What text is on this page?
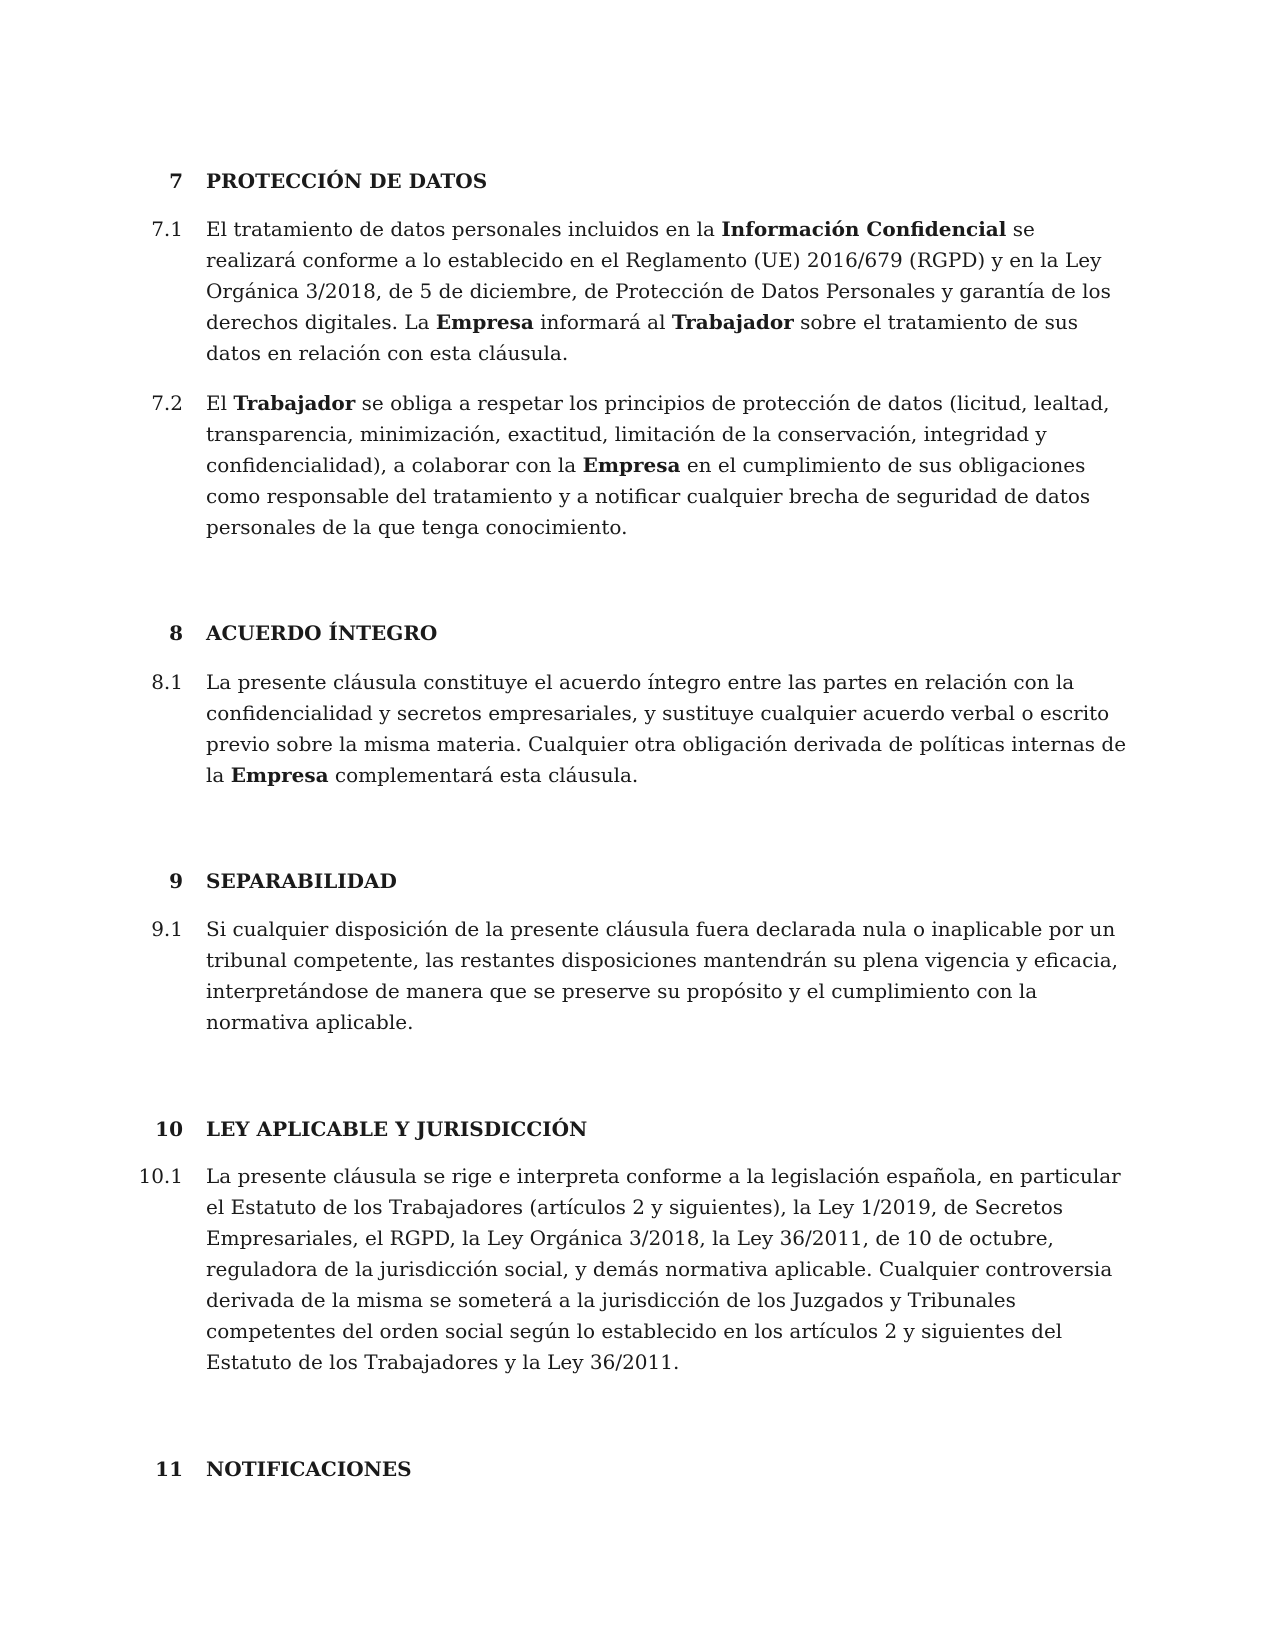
7 PROTECCIÓN DE DATOS
7.1 El tratamiento de datos personales incluidos en la Información Confidencial se realizará conforme a lo establecido en el Reglamento (UE) 2016/679 (RGPD) y en la Ley Orgánica 3/2018, de 5 de diciembre, de Protección de Datos Personales y garantía de los derechos digitales. La Empresa informará al Trabajador sobre el tratamiento de sus datos en relación con esta cláusula.
7.2 El Trabajador se obliga a respetar los principios de protección de datos (licitud, lealtad, transparencia, minimización, exactitud, limitación de la conservación, integridad y confidencialidad), a colaborar con la Empresa en el cumplimiento de sus obligaciones como responsable del tratamiento y a notificar cualquier brecha de seguridad de datos personales de la que tenga conocimiento.
8 ACUERDO ÍNTEGRO
8.1 La presente cláusula constituye el acuerdo íntegro entre las partes en relación con la confidencialidad y secretos empresariales, y sustituye cualquier acuerdo verbal o escrito previo sobre la misma materia. Cualquier otra obligación derivada de políticas internas de la Empresa complementará esta cláusula.
9 SEPARABILIDAD
9.1 Si cualquier disposición de la presente cláusula fuera declarada nula o inaplicable por un tribunal competente, las restantes disposiciones mantendrán su plena vigencia y eficacia, interpretándose de manera que se preserve su propósito y el cumplimiento con la normativa aplicable.
10 LEY APLICABLE Y JURISDICCIÓN
10.1 La presente cláusula se rige e interpreta conforme a la legislación española, en particular el Estatuto de los Trabajadores (artículos 2 y siguientes), la Ley 1/2019, de Secretos Empresariales, el RGPD, la Ley Orgánica 3/2018, la Ley 36/2011, de 10 de octubre, reguladora de la jurisdicción social, y demás normativa aplicable. Cualquier controversia derivada de la misma se someterá a la jurisdicción de los Juzgados y Tribunales competentes del orden social según lo establecido en los artículos 2 y siguientes del Estatuto de los Trabajadores y la Ley 36/2011.
11 NOTIFICACIONES
